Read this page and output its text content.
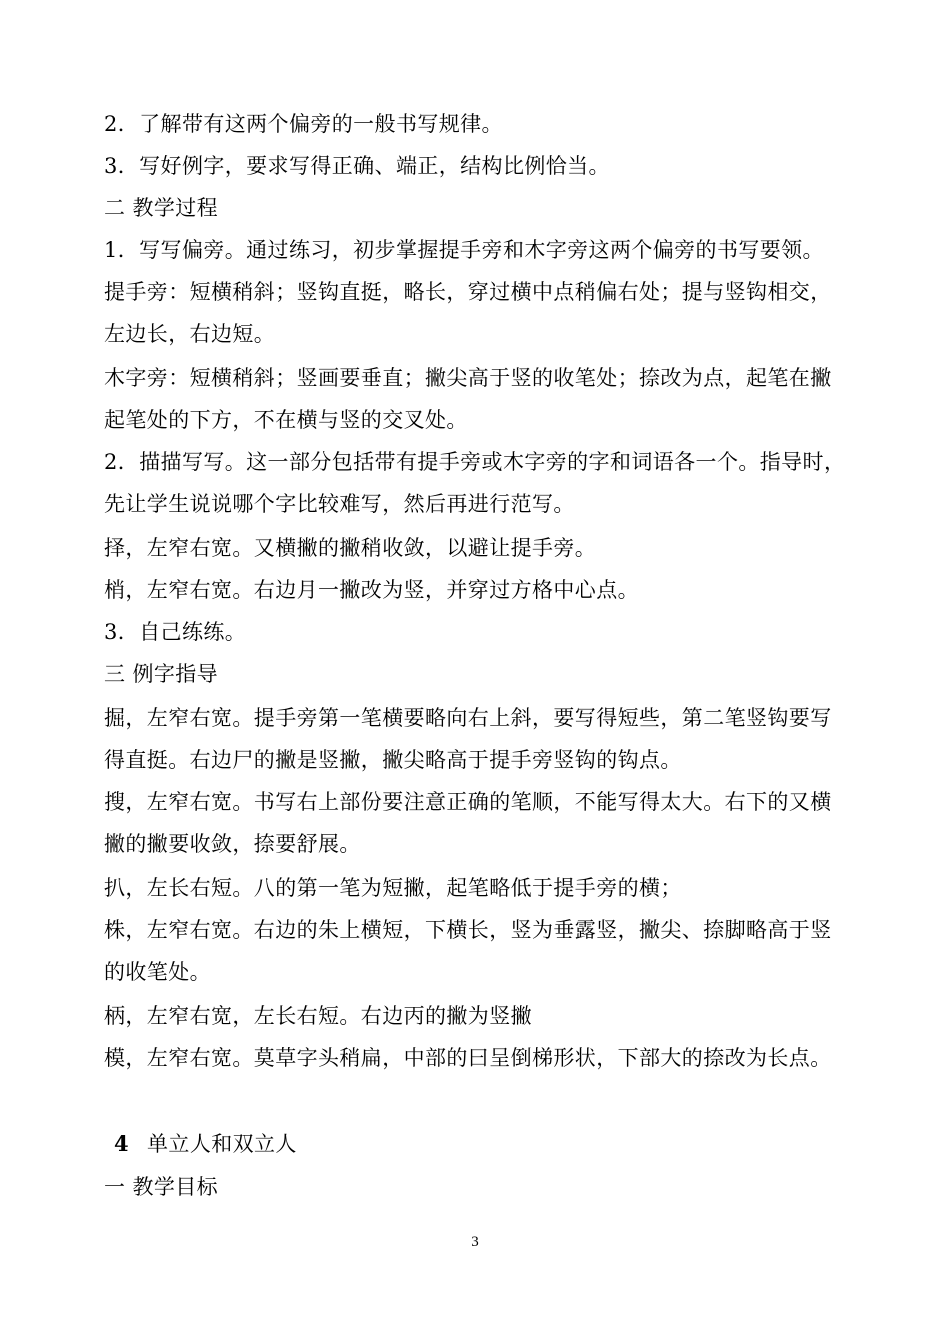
2．了解带有这两个偏旁的一般书写规律。
3．写好例字，要求写得正确、端正，结构比例恰当。
二 教学过程
1．写写偏旁。通过练习，初步掌握提手旁和木字旁这两个偏旁的书写要领。
提手旁：短横稍斜；竖钩直挺，略长，穿过横中点稍偏右处；提与竖钩相交，
左边长，右边短。
木字旁：短横稍斜；竖画要垂直；撇尖高于竖的收笔处；捺改为点，起笔在撇
起笔处的下方，不在横与竖的交叉处。
2．描描写写。这一部分包括带有提手旁或木字旁的字和词语各一个。指导时，
先让学生说说哪个字比较难写，然后再进行范写。
择，左窄右宽。又横撇的撇稍收敛，以避让提手旁。
梢，左窄右宽。右边月一撇改为竖，并穿过方格中心点。
3．自己练练。
三 例字指导
掘，左窄右宽。提手旁第一笔横要略向右上斜，要写得短些，第二笔竖钩要写
得直挺。右边尸的撇是竖撇，撇尖略高于提手旁竖钩的钩点。
搜，左窄右宽。书写右上部份要注意正确的笔顺，不能写得太大。右下的又横
撇的撇要收敛，捺要舒展。
扒，左长右短。八的第一笔为短撇，起笔略低于提手旁的横；
株，左窄右宽。右边的朱上横短，下横长，竖为垂露竖，撇尖、捺脚略高于竖
的收笔处。
柄，左窄右宽，左长右短。右边丙的撇为竖撇
模，左窄右宽。莫草字头稍扁，中部的曰呈倒梯形状，下部大的捺改为长点。
4 单立人和双立人
一 教学目标
3
